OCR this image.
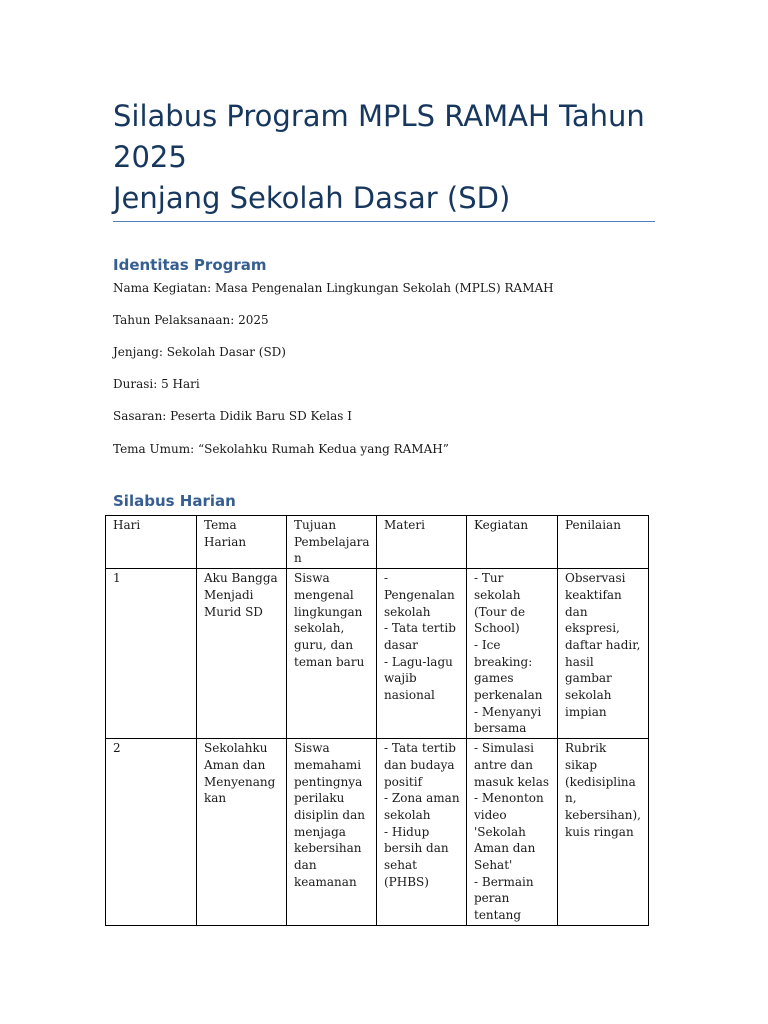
Silabus Program MPLS RAMAH Tahun 2025
Jenjang Sekolah Dasar (SD)
Identitas Program

Nama Kegiatan: Masa Pengenalan Lingkungan Sekolah (MPLS) RAMAH

Tahun Pelaksanaan: 2025

Jenjang: Sekolah Dasar (SD)

Durasi: 5 Hari

Sasaran: Peserta Didik Baru SD Kelas I

Tema Umum: “Sekolahku Rumah Kedua yang RAMAH”

Silabus Harian
Hari	Tema Harian	Tujuan Pembelajaran	Materi	Kegiatan	Penilaian
1	Aku Bangga Menjadi Murid SD	Siswa mengenal lingkungan sekolah, guru, dan teman baru	- Pengenalan sekolah
- Tata tertib dasar
- Lagu-lagu wajib nasional	- Tur sekolah (Tour de School)
- Ice breaking: games perkenalan
- Menyanyi bersama	Observasi keaktifan dan ekspresi, daftar hadir, hasil gambar sekolah impian
2	Sekolahku Aman dan Menyenangkan	Siswa memahami pentingnya perilaku disiplin dan menjaga kebersihan dan keamanan	- Tata tertib dan budaya positif
- Zona aman sekolah
- Hidup bersih dan sehat (PHBS)	- Simulasi antre dan masuk kelas
- Menonton video 'Sekolah Aman dan Sehat'
- Bermain peran tentang	Rubrik sikap (kedisiplinan, kebersihan), kuis ringan
